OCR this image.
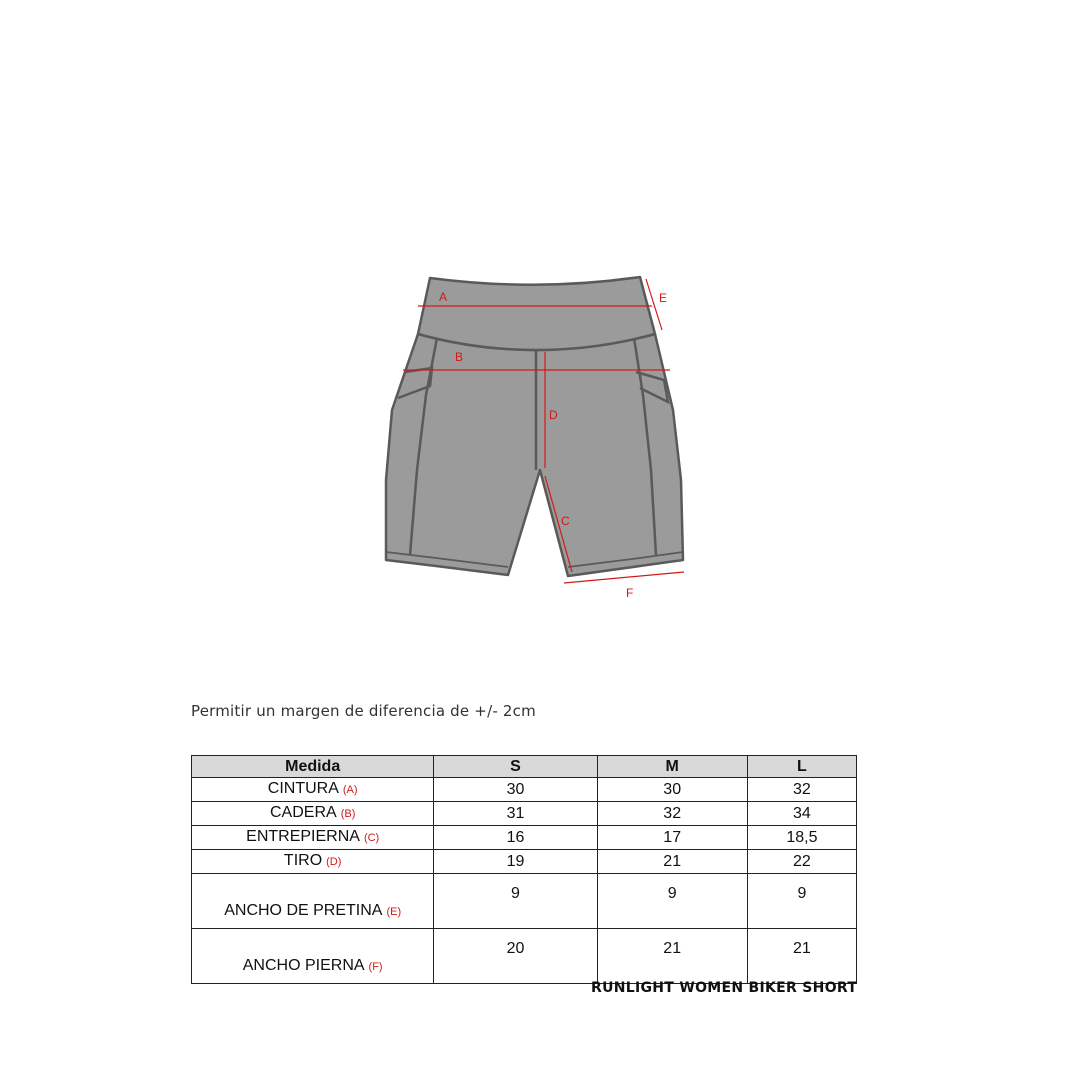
A
B
D
C
E
F
Permitir un margen de diferencia de +/- 2cm
Medida	S	M	L
CINTURA (A)	30	30	32
CADERA (B)	31	32	34
ENTREPIERNA (C)	16	17	18,5
TIRO (D)	19	21	22
ANCHO DE PRETINA (E)	9	9	9
ANCHO PIERNA (F)	20	21	21
RUNLIGHT WOMEN BIKER SHORT
